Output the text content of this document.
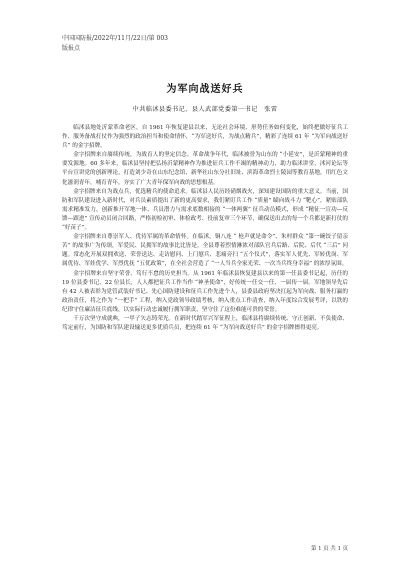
中国国防报/2022年/11月/22日/第 003
版报点
为军向战送好兵
中共临沭县委书记、县人武部党委第一书记　张雷

临沭县地处沂蒙革命老区，自 1961 年恢复建县以来，无论社会环境、形势任务如何变化，始终把做好征兵工作、服务备战打仗作为强烈的政治担当和使命情怀，“为军送好兵，为战点精兵”，精彩了连续 61 年 “为军向战送好兵” 的金字招牌。

金字招牌来自赓续传统，为战育人的坚定信念。革命战争年代，临沭被誉为山东的 “小延安”，是沂蒙精神的重要发源地。60 多年来，临沭县坚持把弘扬沂蒙精神作为推进征兵工作不竭的精神动力，助力临沭讲堂、沭河论坛等平台宣讲党的创新理论，打造刘少奇在山东纪念馆、新华社山东分社旧址、滨海革命烈士陵园等教育基地，用红色文化滋润青年，哺育青年，夯实了广大青年保军向战的思想根基。

金字招牌来自为战点兵，优选精兵的使命追求。临沭县人民历经硝烟战火，深知建设国防的重大意义。当前，国防和军队建设进入新时代，对兵员素质提出了新的更高要求，我们紧盯兵工作 “质量” 瞄向战斗力 “靶心”，紧贴部队需求精准发力，创新推开军地一体、兵员潜力与需求底数相接的 “一体两翼” 征兵动员模式，形成 “精征一宣功—反馈—跟进” 宣传动员闭合回路，严格初检初审、体检政考、役前复审三个环节，确保送出去的每一个兵都是新打仗的 “好苗子”。

金字招牌来自尊崇军人、优待军属的革命情怀。在临沭，铜八连 “ 枪声就是命令”、朱村群众 “第一碗饺子留亲苦” 的故事广为传颂，军爱民、民拥军的故事比比皆是。全县尊着烈情淋浓对部队官兵后路、后院、后代 “三后” 问题。常态化开展双拥欢送、荣誉送达、走访慰问、上门慰兵、悲痛旁扫 “五个仪式”，落实军人优先、军转优岗、军属优待、军娃优学、军烈优抚 “五优政策”，在全社会营造了 “一人当兵全家光荣、一次当兵终身幸福” 的浓厚氛围。

金字招牌来自坚守荣誉、笃行不怠的历史担当。从 1961 年临沭县恢复建县以来的第一任县委书记起，历任的 19 位县委书记、22 位县长，人人都把征兵工作当作 “神圣使命”，好传统一任交一任、一届传一届。军地领导先后有 42 人被表彰为党管武装好书记、先心国防建设和征兵工作先进个人，县委县政府坚决扛起为军向战、服务打赢的政治责任，将之作为 “一把手” 工程，纳入党政领导政绩考核，纳入重点工作清查，纳入年度综合发展考评，以铁的纪律守住廉洁征兵底线，以实际行动忠诚履行拥军职责，坚守住了这份难能可贵的荣誉。

千万次坚守成就典，一甲子矢志铸荣光。在新时代踏军兴军征程上，临沭县将赓续传统、守正创新、不负使命、笃定前行，为国防和军队建设输送更多优质兵员，把连续 61 年 “为军向战送好兵” 的金字招牌擦得更亮。

第 1 页 共 1 页
